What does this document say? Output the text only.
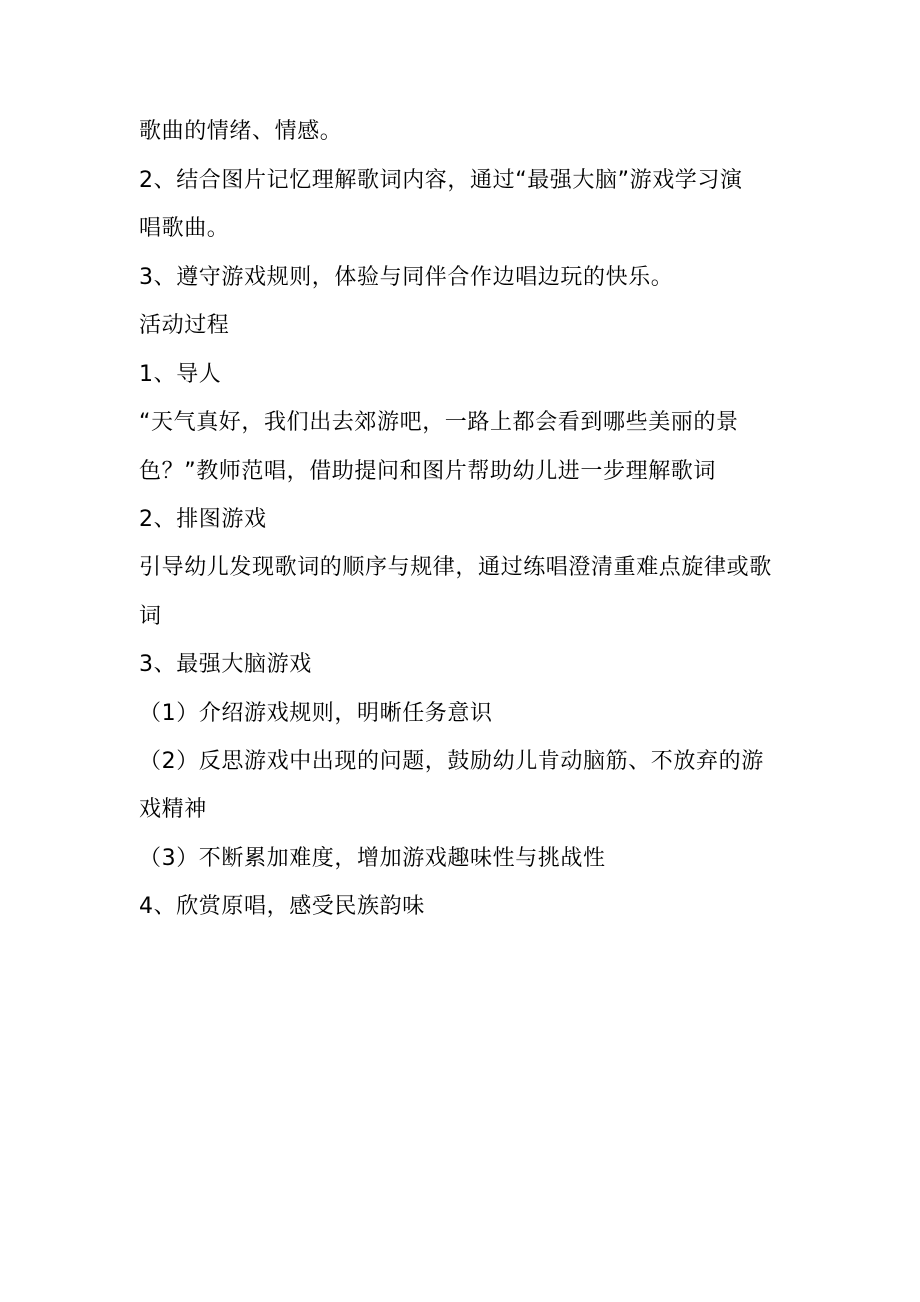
歌曲的情绪、情感。
2、结合图片记忆理解歌词内容，通过“最强大脑”游戏学习演
唱歌曲。
3、遵守游戏规则，体验与同伴合作边唱边玩的快乐。
活动过程
1、导人
“天气真好，我们出去郊游吧，一路上都会看到哪些美丽的景
色？”教师范唱，借助提问和图片帮助幼儿进一步理解歌词
2、排图游戏
引导幼儿发现歌词的顺序与规律，通过练唱澄清重难点旋律或歌
词
3、最强大脑游戏
（1）介绍游戏规则，明晰任务意识
（2）反思游戏中出现的问题，鼓励幼儿肯动脑筋、不放弃的游
戏精神
（3）不断累加难度，增加游戏趣味性与挑战性
4、欣赏原唱，感受民族韵味
